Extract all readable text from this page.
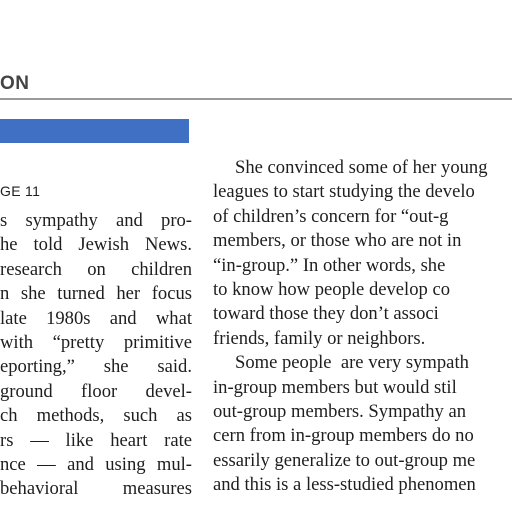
ON
GE 11
s sympathy and pro-
he told Jewish News.
research on children
n she turned her focus
late 1980s and what
with “pretty primitive
eporting,” she said.
ground floor devel-
ch methods, such as
rs — like heart rate
nce — and using mul-
behavioral measures
She convinced some of her young
leagues to start studying the develo
of children’s concern for “out-g
members, or those who are not in
“in-group.” In other words, she
to know how people develop co
toward those they don’t associ
friends, family or neighbors.
Some people  are very sympath
in-group members but would stil
out-group members. Sympathy an
cern from in-group members do no
essarily generalize to out-group me
and this is a less-studied phenomen
